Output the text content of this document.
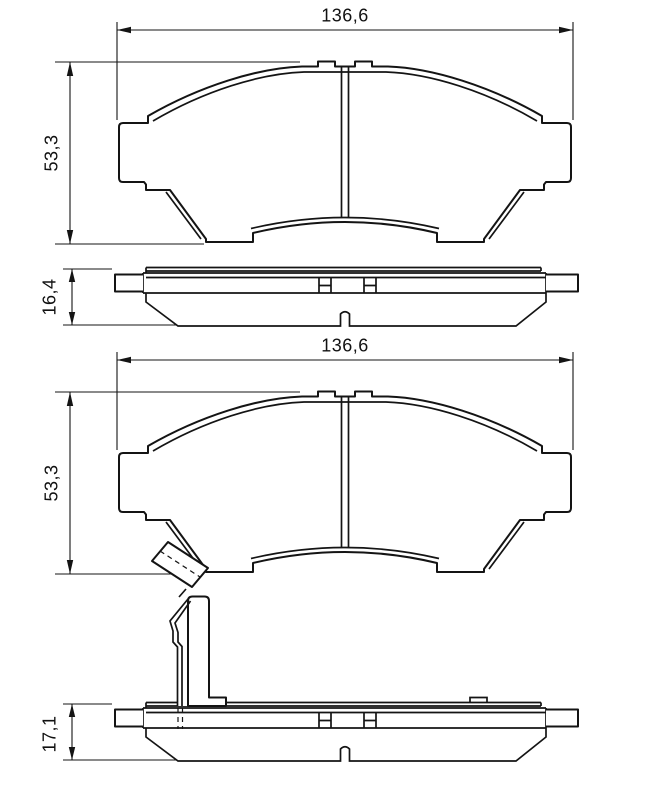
136,6
53,3
16,4
136,6
53,3
17,1
